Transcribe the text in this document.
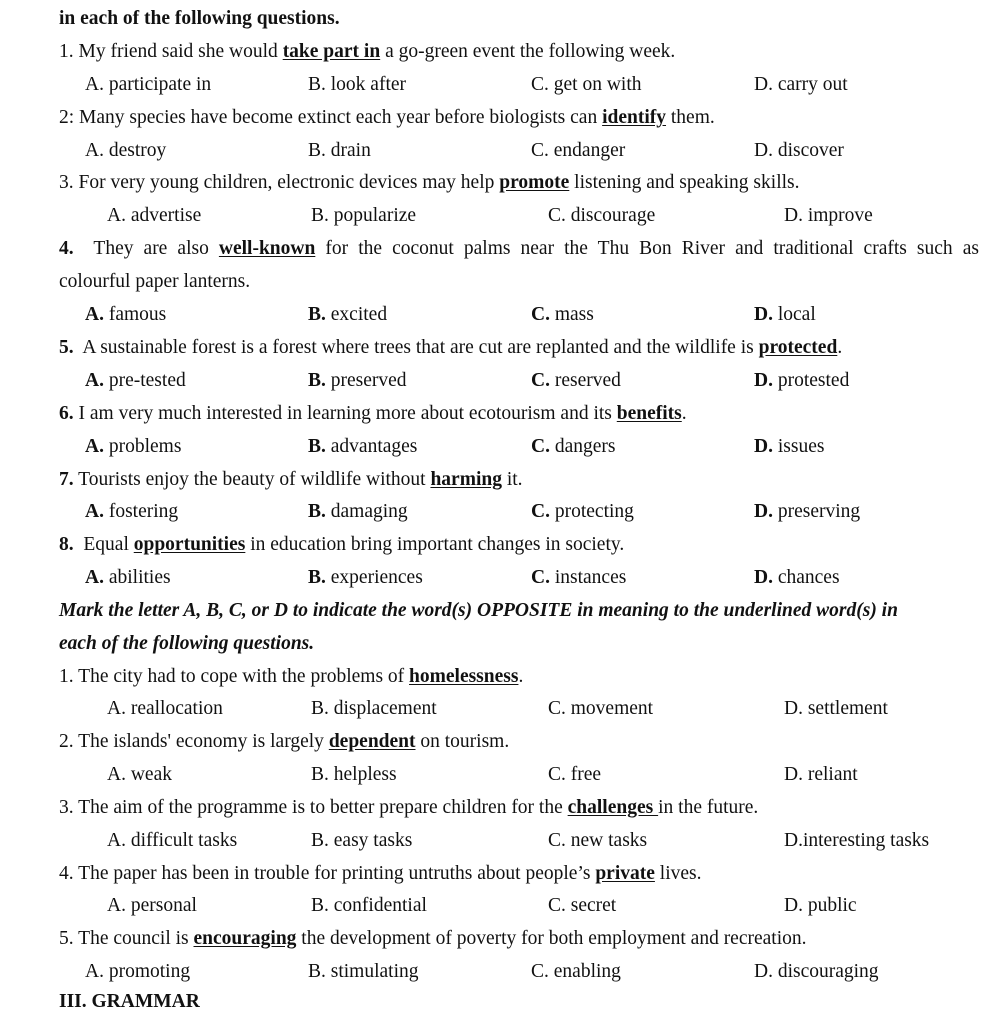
in each of the following questions.
1. My friend said she would take part in a go-green event the following week.
A. participate in	B. look after	C. get on with	D. carry out
2: Many species have become extinct each year before biologists can identify them.
A. destroy	B. drain	C. endanger	D. discover
3. For very young children, electronic devices may help promote listening and speaking skills.
A. advertise	B. popularize	C. discourage	D. improve
4. They are also well-known for the coconut palms near the Thu Bon River and traditional crafts such as
colourful paper lanterns.
A. famous	B. excited	C. mass	D. local
5. A sustainable forest is a forest where trees that are cut are replanted and the wildlife is protected.
A. pre-tested	B. preserved	C. reserved	D. protested
6. I am very much interested in learning more about ecotourism and its benefits.
A. problems	B. advantages	C. dangers	D. issues
7. Tourists enjoy the beauty of wildlife without harming it.
A. fostering	B. damaging	C. protecting	D. preserving
8. Equal opportunities in education bring important changes in society.
A. abilities	B. experiences	C. instances	D. chances
Mark the letter A, B, C, or D to indicate the word(s) OPPOSITE in meaning to the underlined word(s) in
each of the following questions.
1. The city had to cope with the problems of homelessness.
A. reallocation	B. displacement	C. movement	D. settlement
2. The islands' economy is largely dependent on tourism.
A. weak	B. helpless	C. free	D. reliant
3. The aim of the programme is to better prepare children for the challenges in the future.
A. difficult tasks	B. easy tasks	C. new tasks	D.interesting tasks
4. The paper has been in trouble for printing untruths about people’s private lives.
A. personal	B. confidential	C. secret	D. public
5. The council is encouraging the development of poverty for both employment and recreation.
A. promoting	B. stimulating	C. enabling	D. discouraging
III. GRAMMAR
